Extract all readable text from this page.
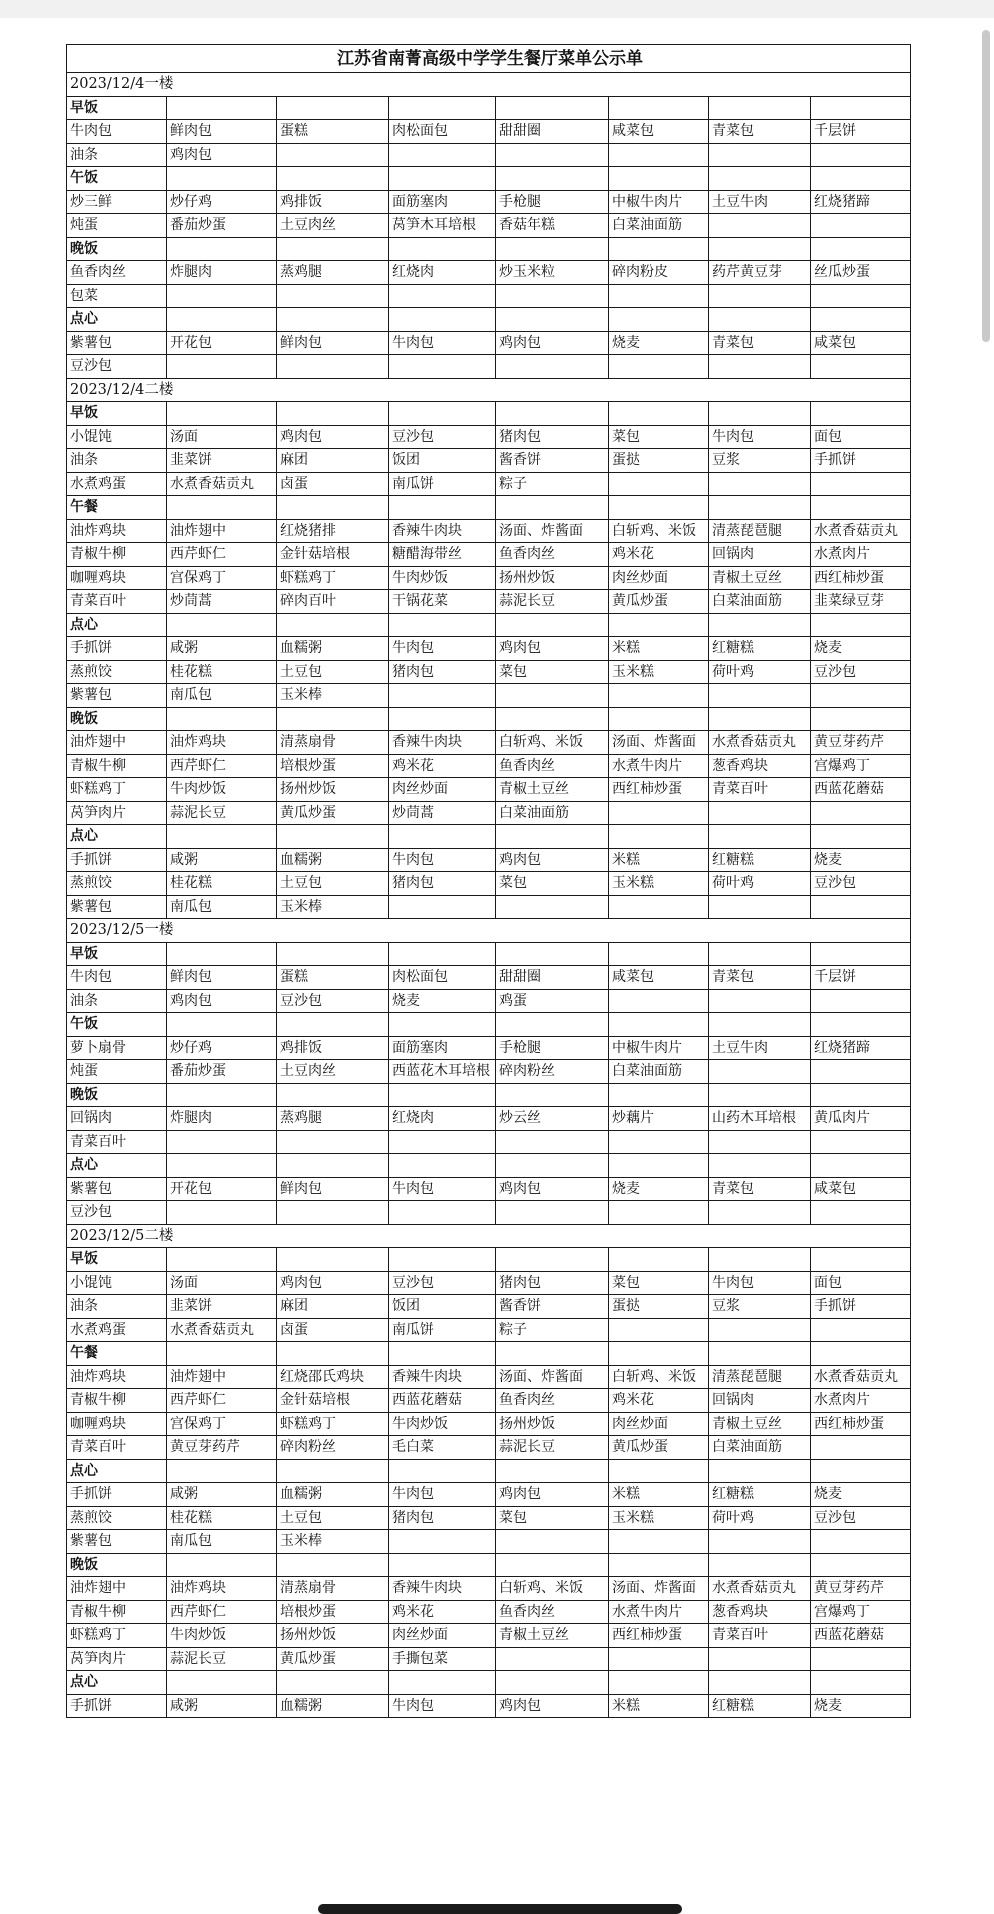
江苏省南菁高级中学学生餐厅菜单公示单							
2023/12/4一楼							
早饭							
牛肉包	鲜肉包	蛋糕	肉松面包	甜甜圈	咸菜包	青菜包	千层饼
油条	鸡肉包						
午饭							
炒三鲜	炒仔鸡	鸡排饭	面筋塞肉	手枪腿	中椒牛肉片	土豆牛肉	红烧猪蹄
炖蛋	番茄炒蛋	土豆肉丝	莴笋木耳培根	香菇年糕	白菜油面筋		
晚饭							
鱼香肉丝	炸腿肉	蒸鸡腿	红烧肉	炒玉米粒	碎肉粉皮	药芹黄豆芽	丝瓜炒蛋
包菜							
点心							
紫薯包	开花包	鲜肉包	牛肉包	鸡肉包	烧麦	青菜包	咸菜包
豆沙包							
2023/12/4二楼							
早饭							
小馄饨	汤面	鸡肉包	豆沙包	猪肉包	菜包	牛肉包	面包
油条	韭菜饼	麻团	饭团	酱香饼	蛋挞	豆浆	手抓饼
水煮鸡蛋	水煮香菇贡丸	卤蛋	南瓜饼	粽子			
午餐							
油炸鸡块	油炸翅中	红烧猪排	香辣牛肉块	汤面、炸酱面	白斩鸡、米饭	清蒸琵琶腿	水煮香菇贡丸
青椒牛柳	西芹虾仁	金针菇培根	糖醋海带丝	鱼香肉丝	鸡米花	回锅肉	水煮肉片
咖喱鸡块	宫保鸡丁	虾糕鸡丁	牛肉炒饭	扬州炒饭	肉丝炒面	青椒土豆丝	西红柿炒蛋
青菜百叶	炒茼蒿	碎肉百叶	干锅花菜	蒜泥长豆	黄瓜炒蛋	白菜油面筋	韭菜绿豆芽
点心							
手抓饼	咸粥	血糯粥	牛肉包	鸡肉包	米糕	红糖糕	烧麦
蒸煎饺	桂花糕	土豆包	猪肉包	菜包	玉米糕	荷叶鸡	豆沙包
紫薯包	南瓜包	玉米棒					
晚饭							
油炸翅中	油炸鸡块	清蒸扇骨	香辣牛肉块	白斩鸡、米饭	汤面、炸酱面	水煮香菇贡丸	黄豆芽药芹
青椒牛柳	西芹虾仁	培根炒蛋	鸡米花	鱼香肉丝	水煮牛肉片	葱香鸡块	宫爆鸡丁
虾糕鸡丁	牛肉炒饭	扬州炒饭	肉丝炒面	青椒土豆丝	西红柿炒蛋	青菜百叶	西蓝花蘑菇
莴笋肉片	蒜泥长豆	黄瓜炒蛋	炒茼蒿	白菜油面筋			
点心							
手抓饼	咸粥	血糯粥	牛肉包	鸡肉包	米糕	红糖糕	烧麦
蒸煎饺	桂花糕	土豆包	猪肉包	菜包	玉米糕	荷叶鸡	豆沙包
紫薯包	南瓜包	玉米棒					
2023/12/5一楼							
早饭							
牛肉包	鲜肉包	蛋糕	肉松面包	甜甜圈	咸菜包	青菜包	千层饼
油条	鸡肉包	豆沙包	烧麦	鸡蛋			
午饭							
萝卜扇骨	炒仔鸡	鸡排饭	面筋塞肉	手枪腿	中椒牛肉片	土豆牛肉	红烧猪蹄
炖蛋	番茄炒蛋	土豆肉丝	西蓝花木耳培根	碎肉粉丝	白菜油面筋		
晚饭							
回锅肉	炸腿肉	蒸鸡腿	红烧肉	炒云丝	炒藕片	山药木耳培根	黄瓜肉片
青菜百叶							
点心							
紫薯包	开花包	鲜肉包	牛肉包	鸡肉包	烧麦	青菜包	咸菜包
豆沙包							
2023/12/5二楼							
早饭							
小馄饨	汤面	鸡肉包	豆沙包	猪肉包	菜包	牛肉包	面包
油条	韭菜饼	麻团	饭团	酱香饼	蛋挞	豆浆	手抓饼
水煮鸡蛋	水煮香菇贡丸	卤蛋	南瓜饼	粽子			
午餐							
油炸鸡块	油炸翅中	红烧邵氏鸡块	香辣牛肉块	汤面、炸酱面	白斩鸡、米饭	清蒸琵琶腿	水煮香菇贡丸
青椒牛柳	西芹虾仁	金针菇培根	西蓝花蘑菇	鱼香肉丝	鸡米花	回锅肉	水煮肉片
咖喱鸡块	宫保鸡丁	虾糕鸡丁	牛肉炒饭	扬州炒饭	肉丝炒面	青椒土豆丝	西红柿炒蛋
青菜百叶	黄豆芽药芹	碎肉粉丝	毛白菜	蒜泥长豆	黄瓜炒蛋	白菜油面筋	
点心							
手抓饼	咸粥	血糯粥	牛肉包	鸡肉包	米糕	红糖糕	烧麦
蒸煎饺	桂花糕	土豆包	猪肉包	菜包	玉米糕	荷叶鸡	豆沙包
紫薯包	南瓜包	玉米棒					
晚饭							
油炸翅中	油炸鸡块	清蒸扇骨	香辣牛肉块	白斩鸡、米饭	汤面、炸酱面	水煮香菇贡丸	黄豆芽药芹
青椒牛柳	西芹虾仁	培根炒蛋	鸡米花	鱼香肉丝	水煮牛肉片	葱香鸡块	宫爆鸡丁
虾糕鸡丁	牛肉炒饭	扬州炒饭	肉丝炒面	青椒土豆丝	西红柿炒蛋	青菜百叶	西蓝花蘑菇
莴笋肉片	蒜泥长豆	黄瓜炒蛋	手撕包菜				
点心							
手抓饼	咸粥	血糯粥	牛肉包	鸡肉包	米糕	红糖糕	烧麦
